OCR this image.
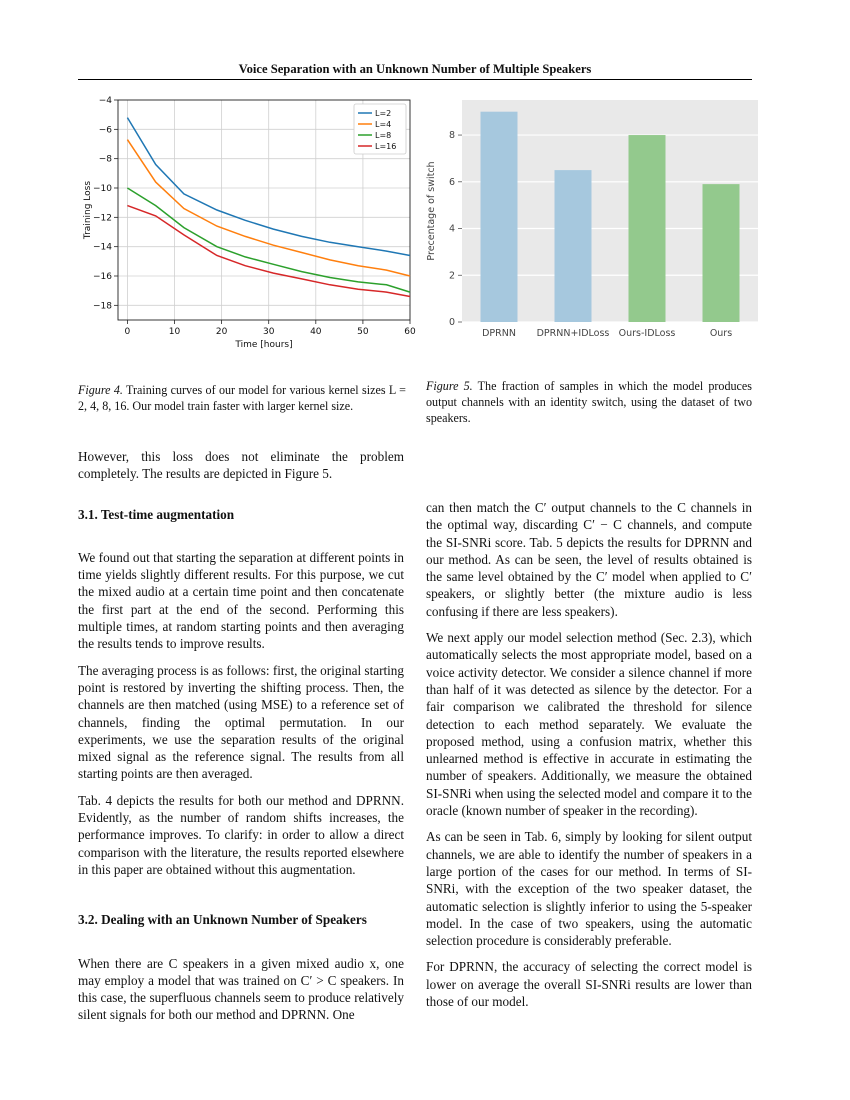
Voice Separation with an Unknown Number of Multiple Speakers
0	10	20	30	40	50	60
−4
−6
−8
−10
−12
−14
−16
−18
Time [hours]
Training Loss
L=2
L=4
L=8
L=16
0
2
4
6
8
DPRNN DPRNN+IDLoss Ours-IDLoss	Ours
Precentage of switch
Figure 4. Training curves of our model for various kernel sizes L = 2, 4, 8, 16. Our model train faster with larger kernel size.
Figure 5. The fraction of samples in which the model produces output channels with an identity switch, using the dataset of two speakers.

However, this loss does not eliminate the problem completely. The results are depicted in Figure 5.

3.1. Test-time augmentation

We found out that starting the separation at different points in time yields slightly different results. For this purpose, we cut the mixed audio at a certain time point and then concatenate the first part at the end of the second. Performing this multiple times, at random starting points and then averaging the results tends to improve results.

The averaging process is as follows: first, the original starting point is restored by inverting the shifting process. Then, the channels are then matched (using MSE) to a reference set of channels, finding the optimal permutation. In our experiments, we use the separation results of the original mixed signal as the reference signal. The results from all starting points are then averaged.

Tab. 4 depicts the results for both our method and DPRNN. Evidently, as the number of random shifts increases, the performance improves. To clarify: in order to allow a direct comparison with the literature, the results reported elsewhere in this paper are obtained without this augmentation.

3.2. Dealing with an Unknown Number of Speakers

When there are C speakers in a given mixed audio x, one may employ a model that was trained on C′ > C speakers. In this case, the superfluous channels seem to produce relatively silent signals for both our method and DPRNN. One

can then match the C′ output channels to the C channels in the optimal way, discarding C′ − C channels, and compute the SI-SNRi score. Tab. 5 depicts the results for DPRNN and our method. As can be seen, the level of results obtained is the same level obtained by the C′ model when applied to C′ speakers, or slightly better (the mixture audio is less confusing if there are less speakers).

We next apply our model selection method (Sec. 2.3), which automatically selects the most appropriate model, based on a voice activity detector. We consider a silence channel if more than half of it was detected as silence by the detector. For a fair comparison we calibrated the threshold for silence detection to each method separately. We evaluate the proposed method, using a confusion matrix, whether this unlearned method is effective in accurate in estimating the number of speakers. Additionally, we measure the obtained SI-SNRi when using the selected model and compare it to the oracle (known number of speaker in the recording).

As can be seen in Tab. 6, simply by looking for silent output channels, we are able to identify the number of speakers in a large portion of the cases for our method. In terms of SI-SNRi, with the exception of the two speaker dataset, the automatic selection is slightly inferior to using the 5-speaker model. In the case of two speakers, using the automatic selection procedure is considerably preferable.

For DPRNN, the accuracy of selecting the correct model is lower on average the overall SI-SNRi results are lower than those of our model.
